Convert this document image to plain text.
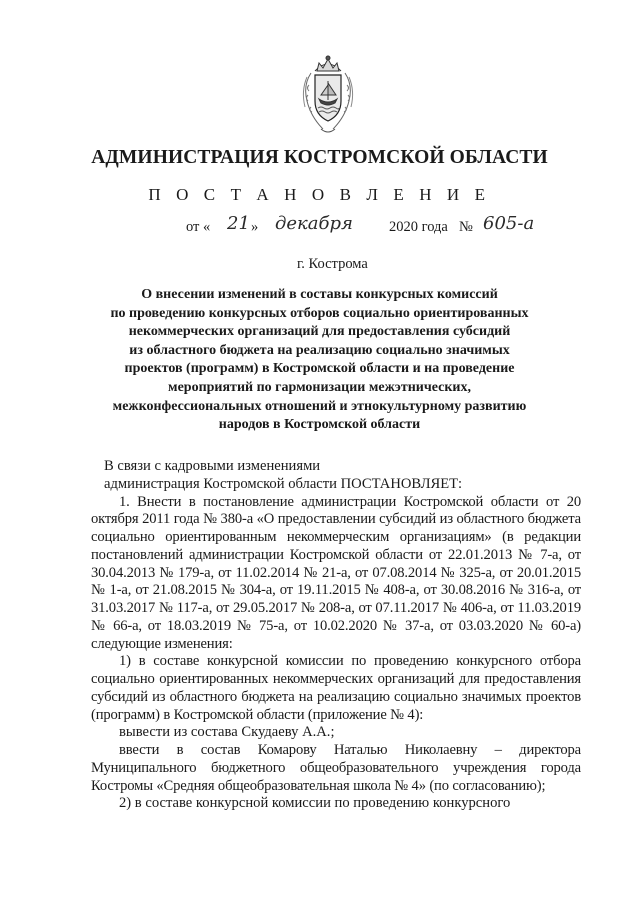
АДМИНИСТРАЦИЯ КОСТРОМСКОЙ ОБЛАСТИ
П О С Т А Н О В Л Е Н И Е
от « 21 » декабря 2020 года № 605-а
г. Кострома
О внесении изменений в составы конкурсных комиссий
по проведению конкурсных отборов социально ориентированных
некоммерческих организаций для предоставления субсидий
из областного бюджета на реализацию социально значимых
проектов (программ) в Костромской области и на проведение
мероприятий по гармонизации межэтнических,
межконфессиональных отношений и этнокультурному развитию
народов в Костромской области

В связи с кадровыми изменениями

администрация Костромской области ПОСТАНОВЛЯЕТ:

1. Внести в постановление администрации Костромской области от 20 октября 2011 года № 380-а «О предоставлении субсидий из областного бюджета социально ориентированным некоммерческим организациям» (в редакции постановлений администрации Костромской области от 22.01.2013 № 7-а, от 30.04.2013 № 179-а, от 11.02.2014 № 21-а, от 07.08.2014 № 325-а, от 20.01.2015 № 1-а, от 21.08.2015 № 304-а, от 19.11.2015 № 408-а, от 30.08.2016 № 316-а, от 31.03.2017 № 117-а, от 29.05.2017 № 208-а, от 07.11.2017 № 406-а, от 11.03.2019 № 66-а, от 18.03.2019 № 75-а, от 10.02.2020 № 37-а, от 03.03.2020 № 60-а) следующие изменения:

1) в составе конкурсной комиссии по проведению конкурсного отбора социально ориентированных некоммерческих организаций для предоставления субсидий из областного бюджета на реализацию социально значимых проектов (программ) в Костромской области (приложение № 4):

вывести из состава Скудаеву А.А.;

ввести в состав Комарову Наталью Николаевну – директора Муниципального бюджетного общеобразовательного учреждения города Костромы «Средняя общеобразовательная школа № 4» (по согласованию);

2) в составе конкурсной комиссии по проведению конкурсного
